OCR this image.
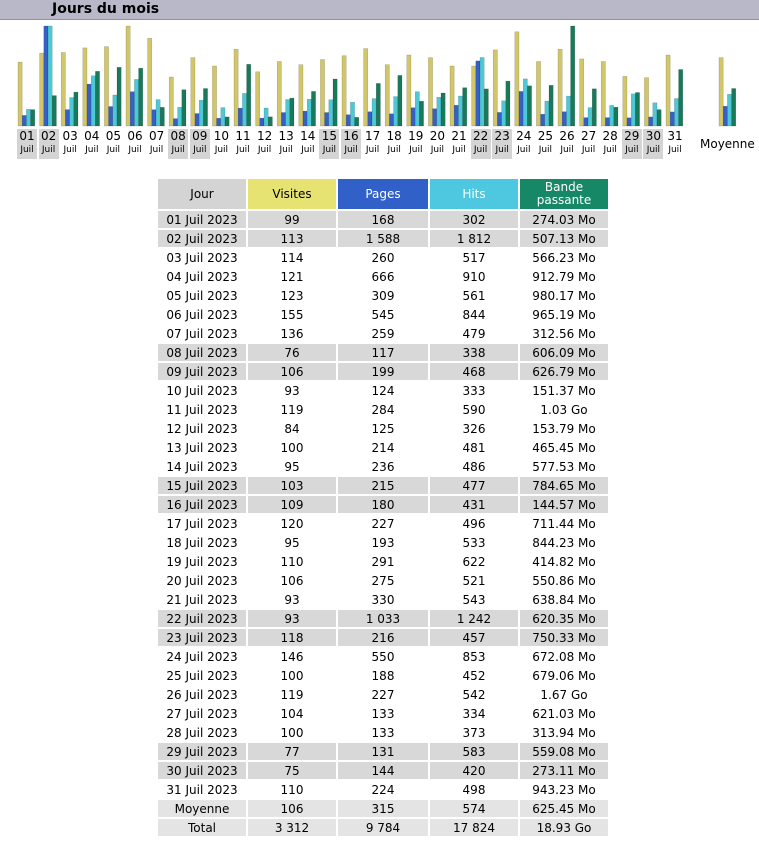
Jours du mois
01
Juil
02
Juil
03
Juil
04
Juil
05
Juil
06
Juil
07
Juil
08
Juil
09
Juil
10
Juil
11
Juil
12
Juil
13
Juil
14
Juil
15
Juil
16
Juil
17
Juil
18
Juil
19
Juil
20
Juil
21
Juil
22
Juil
23
Juil
24
Juil
25
Juil
26
Juil
27
Juil
28
Juil
29
Juil
30
Juil
31
Juil Moyenne
Jour	Visites	Pages	Hits	Bande passante
01 Juil 2023	99	168	302	274.03 Mo
02 Juil 2023	113	1 588	1 812	507.13 Mo
03 Juil 2023	114	260	517	566.23 Mo
04 Juil 2023	121	666	910	912.79 Mo
05 Juil 2023	123	309	561	980.17 Mo
06 Juil 2023	155	545	844	965.19 Mo
07 Juil 2023	136	259	479	312.56 Mo
08 Juil 2023	76	117	338	606.09 Mo
09 Juil 2023	106	199	468	626.79 Mo
10 Juil 2023	93	124	333	151.37 Mo
11 Juil 2023	119	284	590	1.03 Go
12 Juil 2023	84	125	326	153.79 Mo
13 Juil 2023	100	214	481	465.45 Mo
14 Juil 2023	95	236	486	577.53 Mo
15 Juil 2023	103	215	477	784.65 Mo
16 Juil 2023	109	180	431	144.57 Mo
17 Juil 2023	120	227	496	711.44 Mo
18 Juil 2023	95	193	533	844.23 Mo
19 Juil 2023	110	291	622	414.82 Mo
20 Juil 2023	106	275	521	550.86 Mo
21 Juil 2023	93	330	543	638.84 Mo
22 Juil 2023	93	1 033	1 242	620.35 Mo
23 Juil 2023	118	216	457	750.33 Mo
24 Juil 2023	146	550	853	672.08 Mo
25 Juil 2023	100	188	452	679.06 Mo
26 Juil 2023	119	227	542	1.67 Go
27 Juil 2023	104	133	334	621.03 Mo
28 Juil 2023	100	133	373	313.94 Mo
29 Juil 2023	77	131	583	559.08 Mo
30 Juil 2023	75	144	420	273.11 Mo
31 Juil 2023	110	224	498	943.23 Mo
Moyenne	106	315	574	625.45 Mo
Total	3 312	9 784	17 824	18.93 Go
